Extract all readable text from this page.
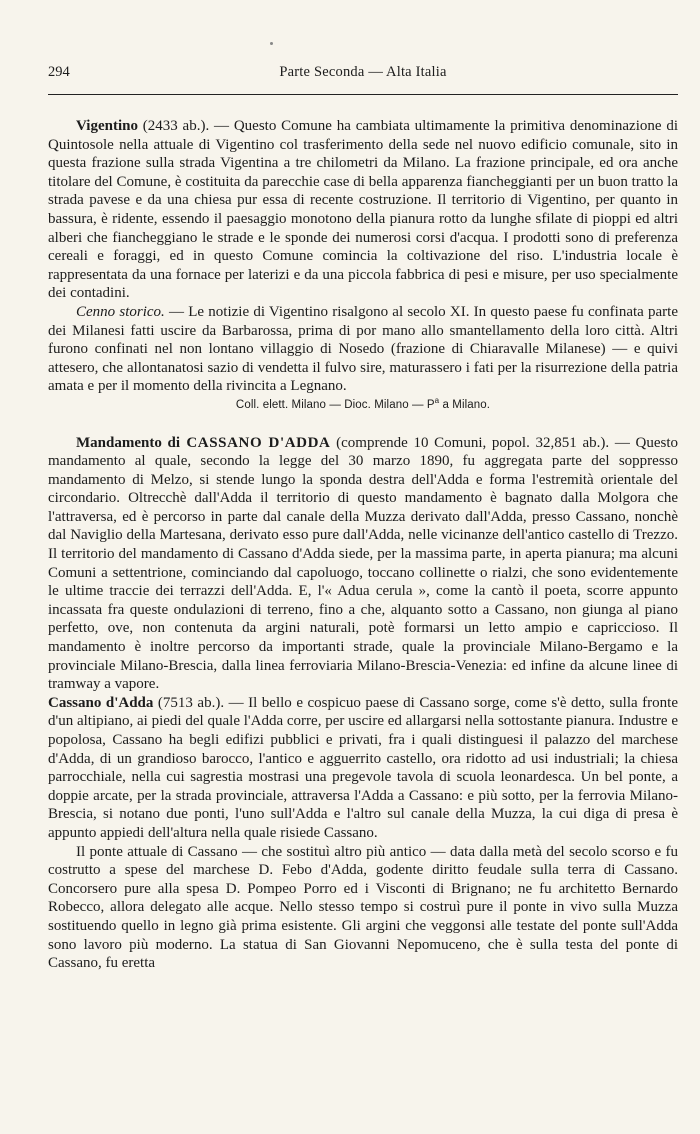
294	Parte Seconda — Alta Italia

Vigentino (2433 ab.). — Questo Comune ha cambiata ultimamente la primitiva denominazione di Quintosole nella attuale di Vigentino col trasferimento della sede nel nuovo edificio comunale, sito in questa frazione sulla strada Vigentina a tre chilometri da Milano. La frazione principale, ed ora anche titolare del Comune, è costituita da parecchie case di bella apparenza fiancheggianti per un buon tratto la strada pavese e da una chiesa pur essa di recente costruzione. Il territorio di Vigentino, per quanto in bassura, è ridente, essendo il paesaggio monotono della pianura rotto da lunghe sfilate di pioppi ed altri alberi che fiancheggiano le strade e le sponde dei numerosi corsi d'acqua. I prodotti sono di preferenza cereali e foraggi, ed in questo Comune comincia la coltivazione del riso. L'industria locale è rappresentata da una fornace per laterizi e da una piccola fabbrica di pesi e misure, per uso specialmente dei contadini.

Cenno storico. — Le notizie di Vigentino risalgono al secolo XI. In questo paese fu confinata parte dei Milanesi fatti uscire da Barbarossa, prima di por mano allo smantellamento della loro città. Altri furono confinati nel non lontano villaggio di Nosedo (frazione di Chiaravalle Milanese) — e quivi attesero, che allontanatosi sazio di vendetta il fulvo sire, maturassero i fati per la risurrezione della patria amata e per il momento della rivincita a Legnano.

Coll. elett. Milano — Dioc. Milano — $P^a$ a Milano.

Mandamento di CASSANO D'ADDA (comprende 10 Comuni, popol. 32,851 ab.). — Questo mandamento al quale, secondo la legge del 30 marzo 1890, fu aggregata parte del soppresso mandamento di Melzo, si stende lungo la sponda destra dell'Adda e forma l'estremità orientale del circondario. Oltrecchè dall'Adda il territorio di questo mandamento è bagnato dalla Molgora che l'attraversa, ed è percorso in parte dal canale della Muzza derivato dall'Adda, presso Cassano, nonchè dal Naviglio della Martesana, derivato esso pure dall'Adda, nelle vicinanze dell'antico castello di Trezzo. Il territorio del mandamento di Cassano d'Adda siede, per la massima parte, in aperta pianura; ma alcuni Comuni a settentrione, cominciando dal capoluogo, toccano collinette o rialzi, che sono evidentemente le ultime traccie dei terrazzi dell'Adda. E, l'« Adua cerula », come la cantò il poeta, scorre appunto incassata fra queste ondulazioni di terreno, fino a che, alquanto sotto a Cassano, non giunga al piano perfetto, ove, non contenuta da argini naturali, potè formarsi un letto ampio e capriccioso. Il mandamento è inoltre percorso da importanti strade, quale la provinciale Milano-Bergamo e la provinciale Milano-Brescia, dalla linea ferroviaria Milano-Brescia-Venezia: ed infine da alcune linee di tramway a vapore.

Cassano d'Adda (7513 ab.). — Il bello e cospicuo paese di Cassano sorge, come s'è detto, sulla fronte d'un altipiano, ai piedi del quale l'Adda corre, per uscire ed allargarsi nella sottostante pianura. Industre e popolosa, Cassano ha begli edifizi pubblici e privati, fra i quali distinguesi il palazzo del marchese d'Adda, di un grandioso barocco, l'antico e agguerrito castello, ora ridotto ad usi industriali; la chiesa parrocchiale, nella cui sagrestia mostrasi una pregevole tavola di scuola leonardesca. Un bel ponte, a doppie arcate, per la strada provinciale, attraversa l'Adda a Cassano: e più sotto, per la ferrovia Milano-Brescia, si notano due ponti, l'uno sull'Adda e l'altro sul canale della Muzza, la cui diga di presa è appunto appiedi dell'altura nella quale risiede Cassano.

Il ponte attuale di Cassano — che sostituì altro più antico — data dalla metà del secolo scorso e fu costrutto a spese del marchese D. Febo d'Adda, godente diritto feudale sulla terra di Cassano. Concorsero pure alla spesa D. Pompeo Porro ed i Visconti di Brignano; ne fu architetto Bernardo Robecco, allora delegato alle acque. Nello stesso tempo si costruì pure il ponte in vivo sulla Muzza sostituendo quello in legno già prima esistente. Gli argini che veggonsi alle testate del ponte sull'Adda sono lavoro più moderno. La statua di San Giovanni Nepomuceno, che è sulla testa del ponte di Cassano, fu eretta
